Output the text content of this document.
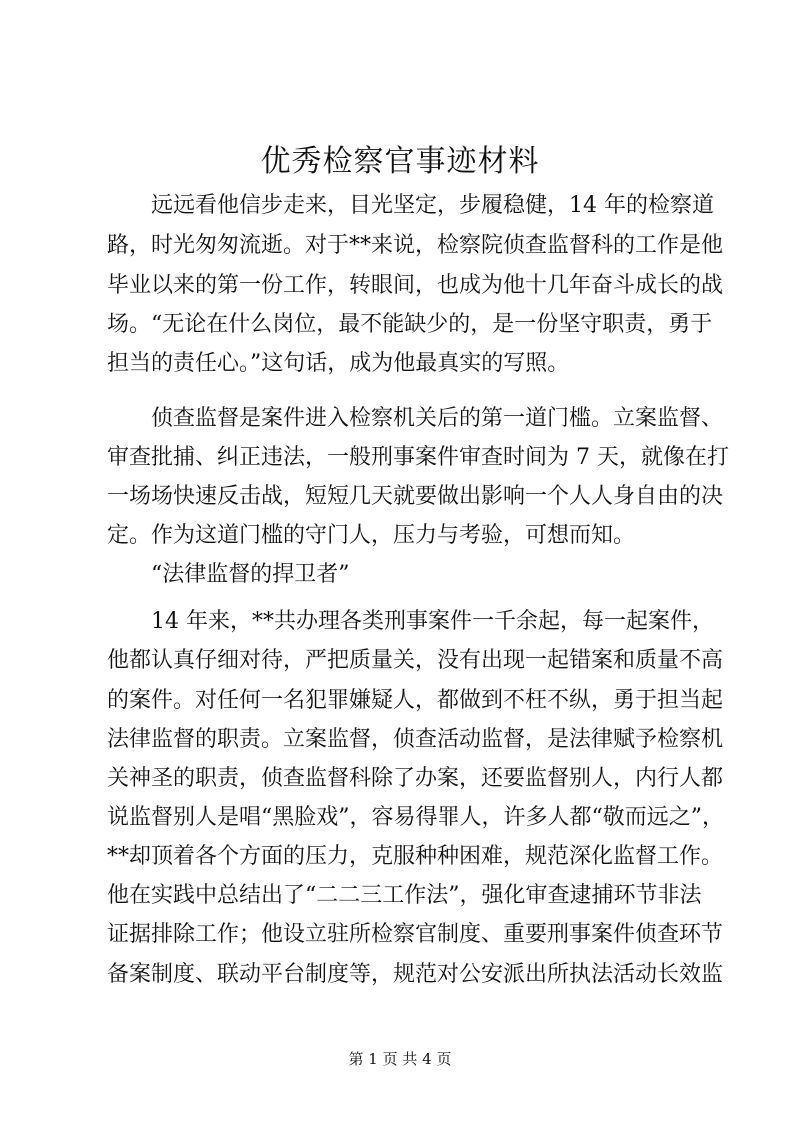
优秀检察官事迹材料

　　远远看他信步走来，目光坚定，步履稳健，14 年的检察道

路，时光匆匆流逝。对于**来说，检察院侦查监督科的工作是他

毕业以来的第一份工作，转眼间，也成为他十几年奋斗成长的战

场。“无论在什么岗位，最不能缺少的，是一份坚守职责，勇于

担当的责任心。”这句话，成为他最真实的写照。

　　侦查监督是案件进入检察机关后的第一道门槛。立案监督、

审查批捕、纠正违法，一般刑事案件审查时间为 7 天，就像在打

一场场快速反击战，短短几天就要做出影响一个人人身自由的决

定。作为这道门槛的守门人，压力与考验，可想而知。

　　“法律监督的捍卫者”

　　14 年来，**共办理各类刑事案件一千余起，每一起案件，

他都认真仔细对待，严把质量关，没有出现一起错案和质量不高

的案件。对任何一名犯罪嫌疑人，都做到不枉不纵，勇于担当起

法律监督的职责。立案监督，侦查活动监督，是法律赋予检察机

关神圣的职责，侦查监督科除了办案，还要监督别人，内行人都

说监督别人是唱“黑脸戏”，容易得罪人，许多人都“敬而远之”，

**却顶着各个方面的压力，克服种种困难，规范深化监督工作。

他在实践中总结出了“二二三工作法”，强化审查逮捕环节非法

证据排除工作；他设立驻所检察官制度、重要刑事案件侦查环节

备案制度、联动平台制度等，规范对公安派出所执法活动长效监

第 1 页 共 4 页
